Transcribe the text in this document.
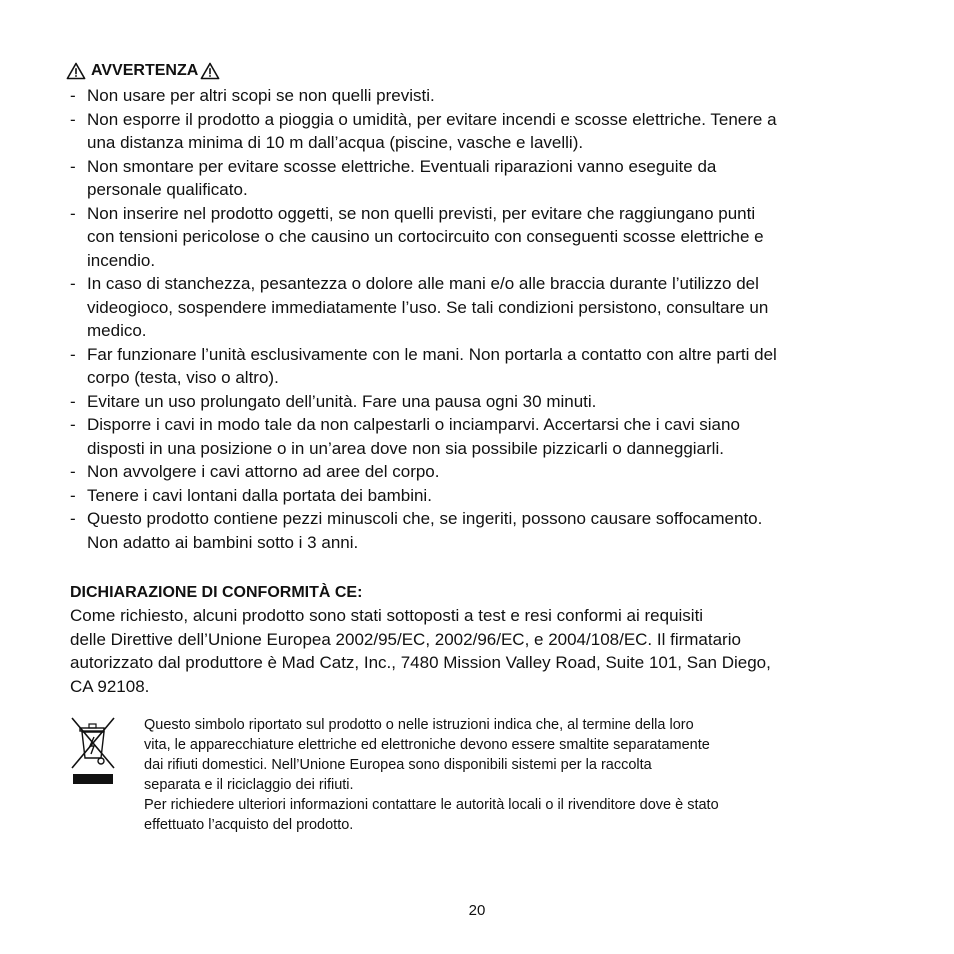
AVVERTENZA
- Non usare per altri scopi se non quelli previsti.
- Non esporre il prodotto a pioggia o umidità, per evitare incendi e scosse elettriche. Tenere a
una distanza minima di 10 m dall’acqua (piscine, vasche e lavelli).
- Non smontare per evitare scosse elettriche. Eventuali riparazioni vanno eseguite da
personale qualificato.
- Non inserire nel prodotto oggetti, se non quelli previsti, per evitare che raggiungano punti
con tensioni pericolose o che causino un cortocircuito con conseguenti scosse elettriche e
incendio.
- In caso di stanchezza, pesantezza o dolore alle mani e/o alle braccia durante l’utilizzo del
videogioco, sospendere immediatamente l’uso. Se tali condizioni persistono, consultare un
medico.
- Far funzionare l’unità esclusivamente con le mani. Non portarla a contatto con altre parti del
corpo (testa, viso o altro).
- Evitare un uso prolungato dell’unità. Fare una pausa ogni 30 minuti.
- Disporre i cavi in modo tale da non calpestarli o inciamparvi. Accertarsi che i cavi siano
disposti in una posizione o in un’area dove non sia possibile pizzicarli o danneggiarli.
- Non avvolgere i cavi attorno ad aree del corpo.
- Tenere i cavi lontani dalla portata dei bambini.
- Questo prodotto contiene pezzi minuscoli che, se ingeriti, possono causare soffocamento.
Non adatto ai bambini sotto i 3 anni.
DICHIARAZIONE DI CONFORMITÀ CE:
Come richiesto, alcuni prodotto sono stati sottoposti a test e resi conformi ai requisiti
delle Direttive dell’Unione Europea 2002/95/EC, 2002/96/EC, e 2004/108/EC. Il firmatario
autorizzato dal produttore è Mad Catz, Inc., 7480 Mission Valley Road, Suite 101, San Diego,
CA 92108.
Questo simbolo riportato sul prodotto o nelle istruzioni indica che, al termine della loro
vita, le apparecchiature elettriche ed elettroniche devono essere smaltite separatamente
dai rifiuti domestici. Nell’Unione Europea sono disponibili sistemi per la raccolta
separata e il riciclaggio dei rifiuti.
Per richiedere ulteriori informazioni contattare le autorità locali o il rivenditore dove è stato
effettuato l’acquisto del prodotto.
20
